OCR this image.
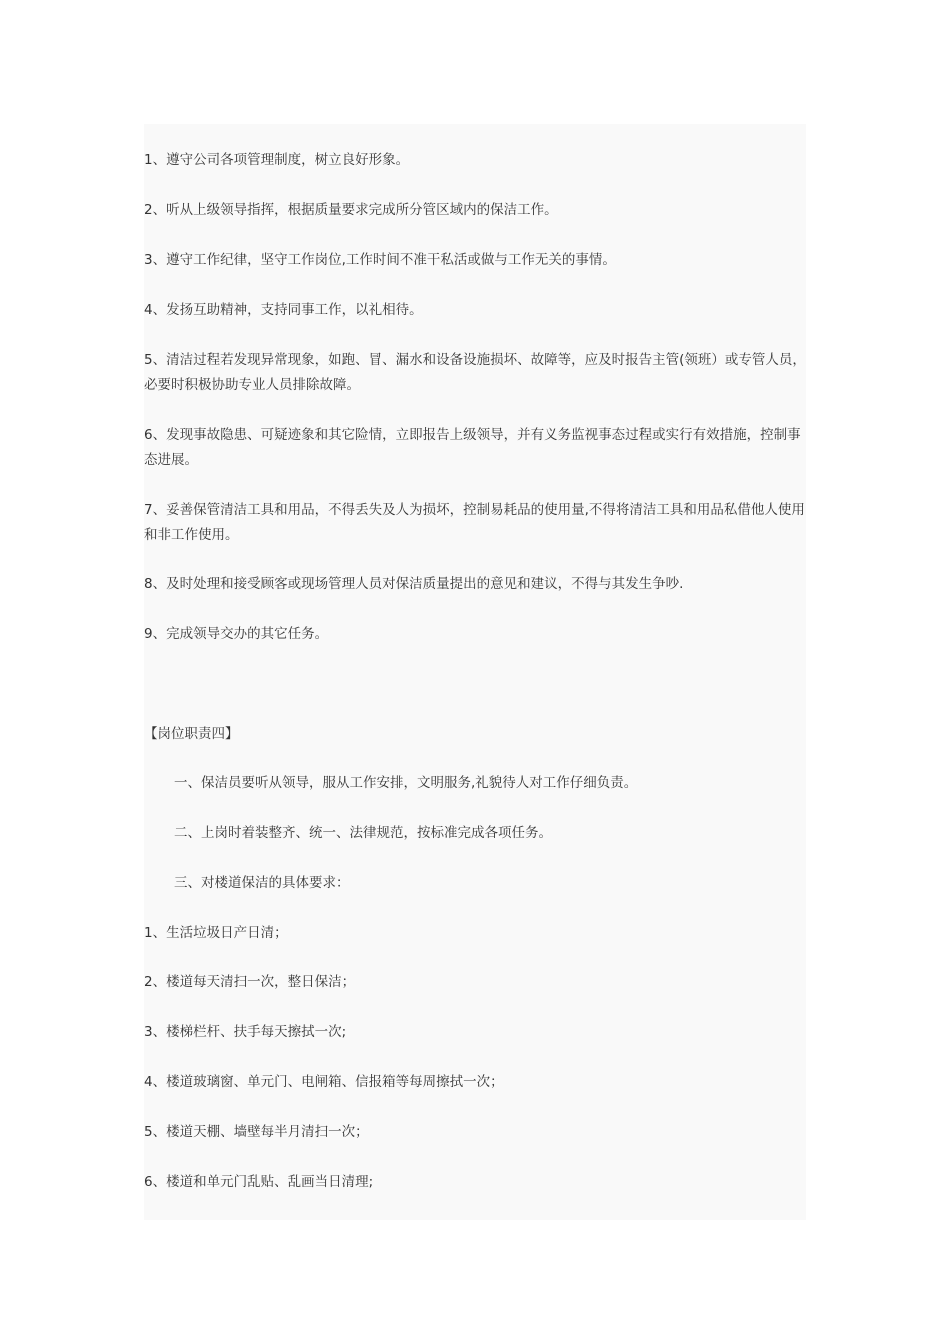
1、遵守公司各项管理制度，树立良好形象。

2、听从上级领导指挥，根据质量要求完成所分管区域内的保洁工作。

3、遵守工作纪律，坚守工作岗位,工作时间不准干私活或做与工作无关的事情。

4、发扬互助精神，支持同事工作，以礼相待。

5、清洁过程若发现异常现象，如跑、冒、漏水和设备设施损坏、故障等，应及时报告主管(领班）或专管人员，必要时积极协助专业人员排除故障。

6、发现事故隐患、可疑迹象和其它险情，立即报告上级领导，并有义务监视事态过程或实行有效措施，控制事态进展。

7、妥善保管清洁工具和用品，不得丢失及人为损坏，控制易耗品的使用量,不得将清洁工具和用品私借他人使用和非工作使用。

8、及时处理和接受顾客或现场管理人员对保洁质量提出的意见和建议，不得与其发生争吵.

9、完成领导交办的其它任务。

【岗位职责四】

一、保洁员要听从领导，服从工作安排，文明服务,礼貌待人对工作仔细负责。

二、上岗时着装整齐、统一、法律规范，按标准完成各项任务。

三、对楼道保洁的具体要求：

1、生活垃圾日产日清；

2、楼道每天清扫一次，整日保洁；

3、楼梯栏杆、扶手每天擦拭一次;

4、楼道玻璃窗、单元门、电闸箱、信报箱等每周擦拭一次；

5、楼道天棚、墙壁每半月清扫一次；

6、楼道和单元门乱贴、乱画当日清理;
